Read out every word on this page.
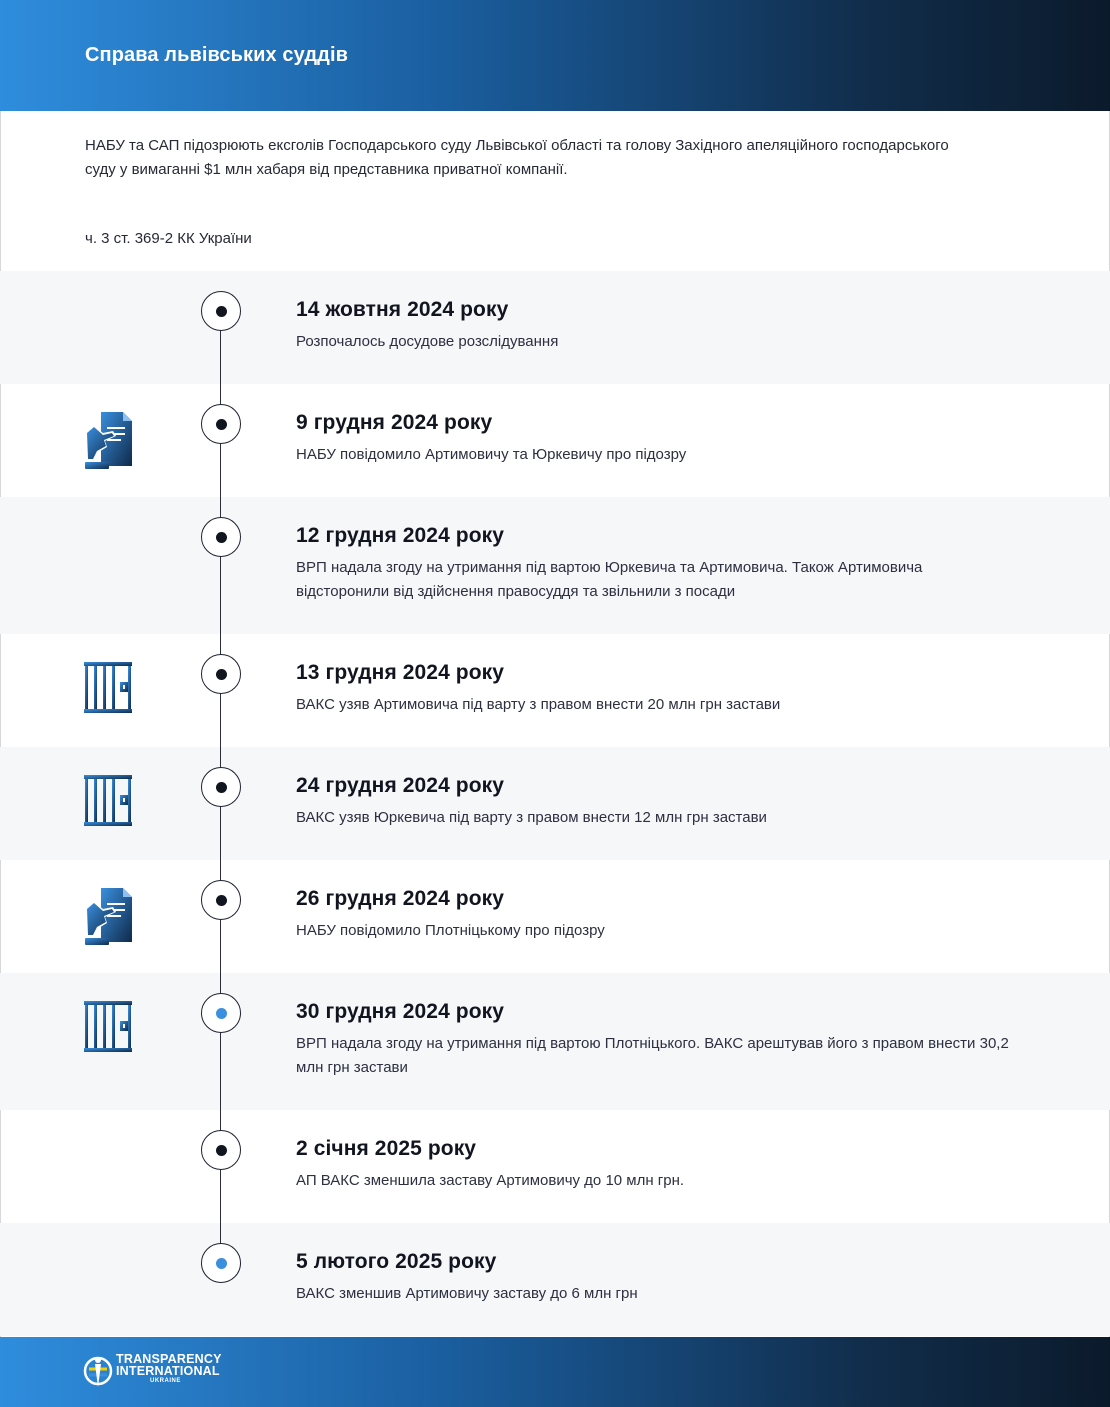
Справа львівських суддів
НАБУ та САП підозрюють ексголів Господарського суду Львівської області та голову Західного апеляційного господарського суду у вимаганні $1 млн хабаря від представника приватної компанії.
ч. 3 ст. 369-2 КК України
14 жовтня 2024 року
Розпочалось досудове розслідування
9 грудня 2024 року
НАБУ повідомило Артимовичу та Юркевичу про підозру
12 грудня 2024 року
ВРП надала згоду на утримання під вартою Юркевича та Артимовича. Також Артимовича відсторонили від здійснення правосуддя та звільнили з посади
13 грудня 2024 року
ВАКС узяв Артимовича під варту з правом внести 20 млн грн застави
24 грудня 2024 року
ВАКС узяв Юркевича під варту з правом внести 12 млн грн застави
26 грудня 2024 року
НАБУ повідомило Плотніцькому про підозру
30 грудня 2024 року
ВРП надала згоду на утримання під вартою Плотніцького. ВАКС арештував його з правом внести 30,2 млн грн застави
2 січня 2025 року
АП ВАКС зменшила заставу Артимовичу до 10 млн грн.
5 лютого 2025 року
ВАКС зменшив Артимовичу заставу до 6 млн грн
TRANSPARENCY
INTERNATIONAL
UKRAINE
